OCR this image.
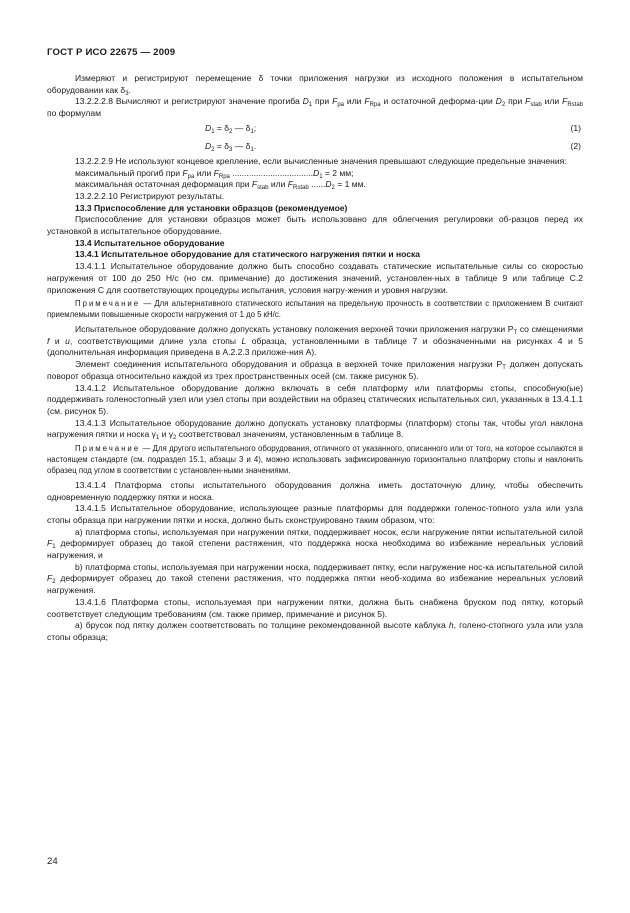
ГОСТ Р ИСО 22675 — 2009

Измеряют и регистрируют перемещение δ точки приложения нагрузки из исходного положения в испытательном оборудовании как $\delta_3$.

13.2.2.2.8 Вычисляют и регистрируют значение прогиба $D_1$ при $F_{pa}$ или $F_{Rpa}$ и остаточной деформа-ции $D_2$ при $F_{stab}$ или $F_{Rstab}$ по формулам

$D_1 = \delta_2$ — $\delta_1$;	(1)
$D_2 = \delta_3$ — $\delta_1$.	(2)

13.2.2.2.9 Не используют концевое крепление, если вычисленные значения превышают следующие предельные значения:

максимальный прогиб при $F_{pa}$ или $F_{Rpa}$ $..................................D_1 = 2$ мм;

максимальная остаточная деформация при $F_{stab}$ или $F_{Rstab}$ $......D_2 = 1$ мм.

13.2.2.2.10 Регистрируют результаты.

13.3 Приспособление для установки образцов (рекомендуемое)

Приспособление для установки образцов может быть использовано для облегчения регулировки об-разцов перед их установкой в испытательное оборудование.

13.4 Испытательное оборудование

13.4.1 Испытательное оборудование для статического нагружения пятки и носка

13.4.1.1 Испытательное оборудование должно быть способно создавать статические испытательные силы со скоростью нагружения от 100 до 250 Н/с (но см. примечание) до достижения значений, установлен-ных в таблице 9 или таблице С.2 приложения С для соответствующих процедуры испытания, условия нагру-жения и уровня нагрузки.

Примечание — Для альтернативного статического испытания на предельную прочность в соответствии с приложением В считают приемлемыми повышенные скорости нагружения от 1 до 5 кН/с.

Испытательное оборудование должно допускать установку положения верхней точки приложения нагрузки $Р_Т$ со смещениями f и u, соответствующими длине узла стопы L образца, установленными в таблице 7 и обозначенными на рисунках 4 и 5 (дополнительная информация приведена в А.2.2.3 приложе-ния А).

Элемент соединения испытательного оборудования и образца в верхней точке приложения нагрузки $Р_Т$ должен допускать поворот образца относительно каждой из трех пространственных осей (см. также рисунок 5).

13.4.1.2 Испытательное оборудование должно включать в себя платформу или платформы стопы, способную(ые) поддерживать голеностопный узел или узел стопы при воздействии на образец статических испытательных сил, указанных в 13.4.1.1 (см. рисунок 5).

13.4.1.3 Испытательное оборудование должно допускать установку платформы (платформ) стопы так, чтобы угол наклона нагружения пятки и носка $\gamma_1$ и $\gamma_2$ соответствовал значениям, установленным в таблице 8.

Примечание — Для другого испытательного оборудования, отличного от указанного, описанного или от того, на которое ссылаются в настоящем стандарте (см. подраздел 15.1, абзацы 3 и 4), можно использовать зафиксированную горизонтально платформу стопы и наклонить образец под углом в соответствии с установлен-ными значениями.

13.4.1.4 Платформа стопы испытательного оборудования должна иметь достаточную длину, чтобы обеспечить одновременную поддержку пятки и носка.

13.4.1.5 Испытательное оборудование, использующее разные платформы для поддержки голенос-топного узла или узла стопы образца при нагружении пятки и носка, должно быть сконструировано таким образом, что:

а) платформа стопы, используемая при нагружении пятки, поддерживает носок, если нагружение пятки испытательной силой $F_1$ деформирует образец до такой степени растяжения, что поддержка носка необходима во избежание нереальных условий нагружения, и

b) платформа стопы, используемая при нагружении носка, поддерживает пятку, если нагружение нос-ка испытательной силой $F_2$ деформирует образец до такой степени растяжения, что поддержка пятки необ-ходима во избежание нереальных условий нагружения.

13.4.1.6 Платформа стопы, используемая при нагружении пятки, должна быть снабжена бруском под пятку, который соответствует следующим требованиям (см. также пример, примечание и рисунок 5).

а) брусок под пятку должен соответствовать по толщине рекомендованной высоте каблука h, голено-стопного узла или узла стопы образца;

24
